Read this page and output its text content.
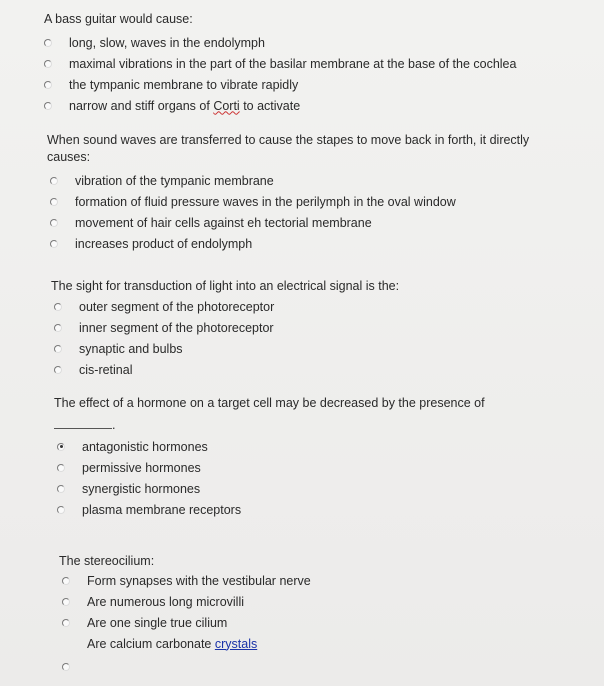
A bass guitar would cause:
long, slow, waves in the endolymph
maximal vibrations in the part of the basilar membrane at the base of the cochlea
the tympanic membrane to vibrate rapidly
narrow and stiff organs of Corti to activate
When sound waves are transferred to cause the stapes to move back in forth, it directly
causes:
vibration of the tympanic membrane
formation of fluid pressure waves in the perilymph in the oval window
movement of hair cells against eh tectorial membrane
increases product of endolymph
The sight for transduction of light into an electrical signal is the:
outer segment of the photoreceptor
inner segment of the photoreceptor
synaptic and bulbs
cis-retinal
The effect of a hormone on a target cell may be decreased by the presence of
.
antagonistic hormones
permissive hormones
synergistic hormones
plasma membrane receptors
The stereocilium:
Form synapses with the vestibular nerve
Are numerous long microvilli
Are one single true cilium
Are calcium carbonate crystals
